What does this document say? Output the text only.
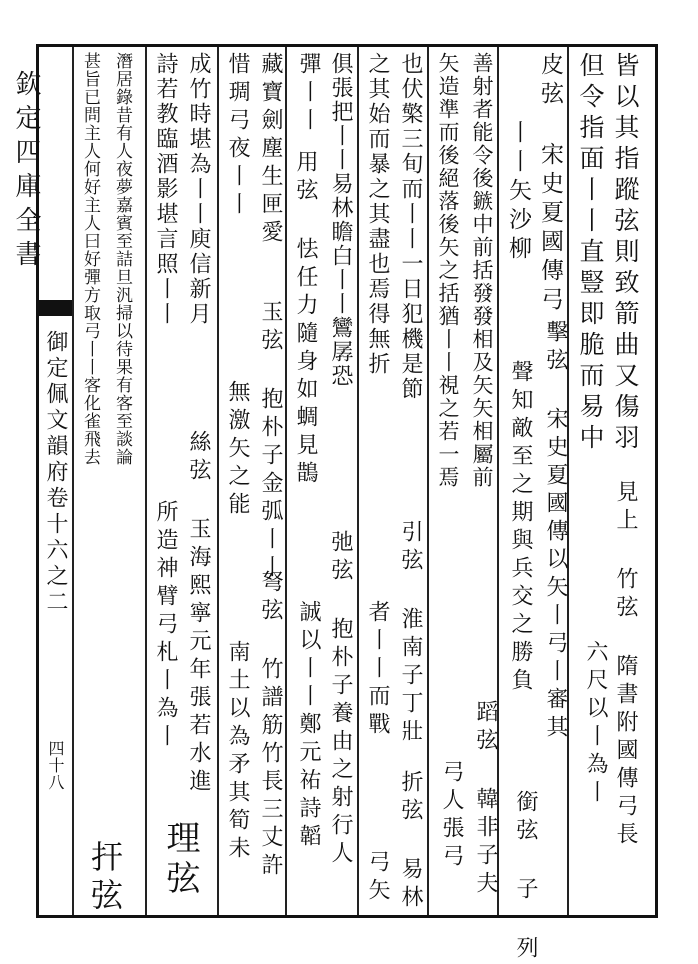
欽定四庫全書
御定佩文韻府卷十六之二
四十八
皆以其指蹤弦則致箭曲又傷羽
但令指面丨丨直豎即脆而易中
見上 竹弦 隋書附國傳弓長
六尺以丨為丨
皮弦 宋史夏國傳弓
丨丨矢沙柳
擊弦 宋史夏國傳以矢丨弓丨審其
聲知敵至之期與兵交之勝負
銜弦 子 列
善射者能令後鏃中前括發發相及矢矢相屬前
矢造準而後絕落後矢之括猶丨丨視之若一焉
蹈弦 韓非子夫
弓人張弓
也伏檠三旬而丨丨一日犯機是節
之其始而暴之其盡也焉得無折
引弦 淮南子丁壯
者丨丨而戰
折弦 易林
弓矢
俱張把丨丨易林瞻白丨丨鸞孱恐
彈丨丨
用弦 怯任力隨身如蜩見鵲
弛弦 抱朴子養由之射行人
誠以丨丨鄭元祐詩韜
藏寶劍塵生匣愛
惜琱弓夜丨丨
玉弦 抱朴子金弧丨丨
無激矢之能
弩弦 竹譜筋竹長三丈許
南土以為矛其筍未
成竹時堪為丨丨庾信新月
詩若教臨酒影堪言照丨丨
絲弦 玉海熙寧元年張若水進
所造神臂弓札丨為丨
理弦
潛居錄昔有人夜夢嘉賓至詰旦汎掃以待果有客至談論
甚旨已問主人何好主人曰好彈方取弓丨丨客化雀飛去
扞弦
